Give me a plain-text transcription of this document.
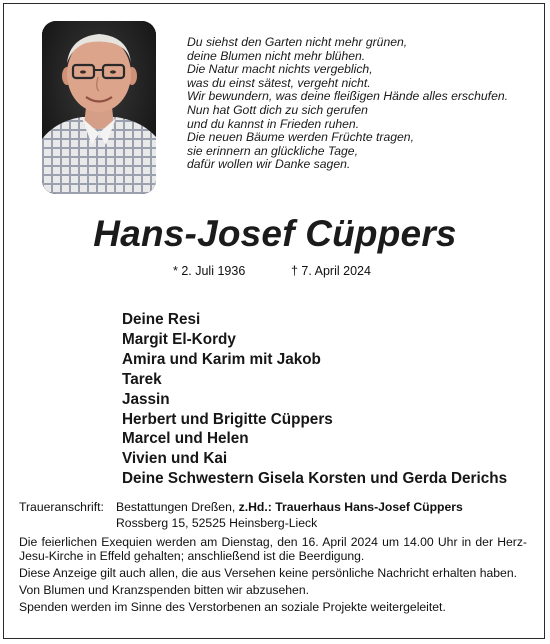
Du siehst den Garten nicht mehr grünen,
deine Blumen nicht mehr blühen.
Die Natur macht nichts vergeblich,
was du einst sätest, vergeht nicht.
Wir bewundern, was deine fleißigen Hände alles erschufen.
Nun hat Gott dich zu sich gerufen
und du kannst in Frieden ruhen.
Die neuen Bäume werden Früchte tragen,
sie erinnern an glückliche Tage,
dafür wollen wir Danke sagen.
Hans-Josef Cüppers
* 2. Juli 1936	† 7. April 2024
Deine Resi
Margit El-Kordy
Amira und Karim mit Jakob
Tarek
Jassin
Herbert und Brigitte Cüppers
Marcel und Helen
Vivien und Kai
Deine Schwestern Gisela Korsten und Gerda Derichs
Traueranschrift: Bestattungen Dreßen, z.Hd.: Trauerhaus Hans-Josef Cüppers
Rossberg 15, 52525 Heinsberg-Lieck

Die feierlichen Exequien werden am Dienstag, den 16. April 2024 um 14.00 Uhr in der Herz-Jesu-Kirche in Effeld gehalten; anschließend ist die Beerdigung.

Diese Anzeige gilt auch allen, die aus Versehen keine persönliche Nachricht erhalten haben.

Von Blumen und Kranzspenden bitten wir abzusehen.

Spenden werden im Sinne des Verstorbenen an soziale Projekte weitergeleitet.
